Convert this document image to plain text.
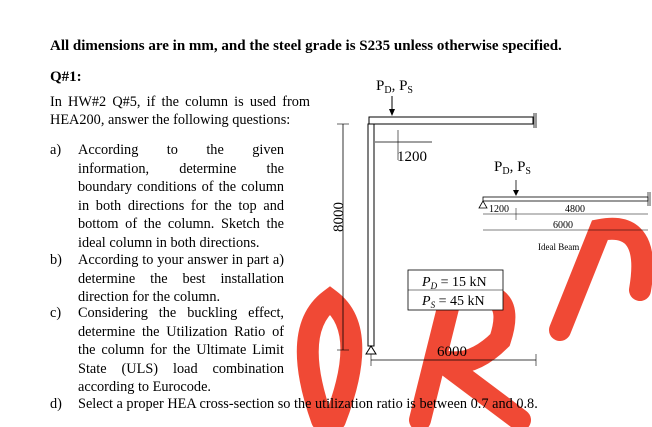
All dimensions are in mm, and the steel grade is S235 unless otherwise specified.
Q#1:
In HW#2 Q#5, if the column is used from HEA200, answer the following questions:
a) According to the given information, determine the boundary conditions of the column in both directions for the top and bottom of the column. Sketch the ideal column in both directions.
b) According to your answer in part a) determine the best installation direction for the column.
c) Considering the buckling effect, determine the Utilization Ratio of the column for the Ultimate Limit State (ULS) load combination according to Eurocode.
d) Select a proper HEA cross-section so the utilization ratio is between 0.7 and 0.8.
$P_D$, $P_S$
1200
8000
6000
$P_D = 15$ kN
$P_S = 45$ kN
$P_D$, $P_S$
1200	4800
6000
Ideal Beam
